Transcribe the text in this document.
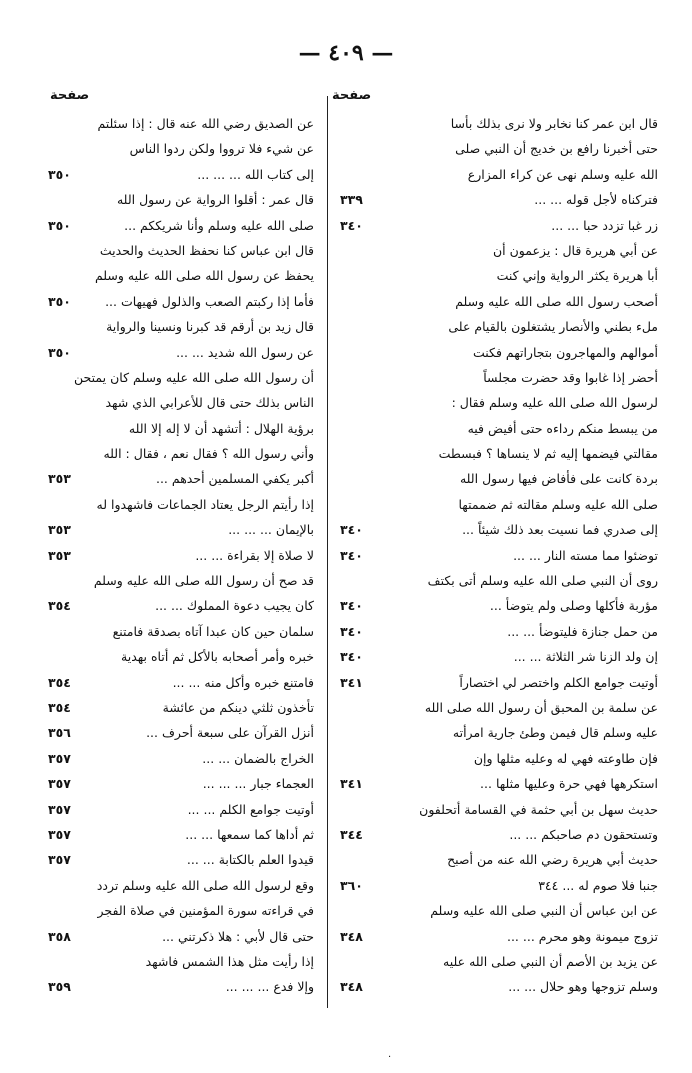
— ٤٠٩ —
صفحة
صفحة
قال ابن عمر كنا نخابر ولا نرى بذلك بأسا
حتى أخبرنا رافع بن خديج أن النبي صلى
الله عليه وسلم نهى عن كراء المزارع
فتركناه لأجل قوله ... ...
٣٣٩
زر غبا تزدد حبا ... ...
٣٤٠
عن أبي هريرة قال : يزعمون أن
أبا هريرة يكثر الرواية وإني كنت
أصحب رسول الله صلى الله عليه وسلم
ملء بطني والأنصار يشتغلون بالقيام على
أموالهم والمهاجرون بتجاراتهم فكنت
أحضر إذا غابوا وقد حضرت مجلساً
لرسول الله صلى الله عليه وسلم فقال :
من يبسط منكم رداءه حتى أفيض فيه
مقالتي فيضمها إليه ثم لا ينساها ؟ فبسطت
بردة كانت على فأفاض فيها رسول الله
صلى الله عليه وسلم مقالته ثم ضممتها
إلى صدري فما نسيت بعد ذلك شيئاً ...
٣٤٠
توضئوا مما مسته النار ... ...
٣٤٠
روى أن النبي صلى الله عليه وسلم أتى بكتف
مؤربة فأكلها وصلى ولم يتوضأ ...
٣٤٠
من حمل جنازة فليتوضأ ... ...
٣٤٠
إن ولد الزنا شر الثلاثة ... ...
٣٤٠
أوتيت جوامع الكلم واختصر لي اختصاراً
٣٤١
عن سلمة بن المحبق أن رسول الله صلى الله
عليه وسلم قال فيمن وطئ جارية امرأته
فإن طاوعته فهي له وعليه مثلها وإن
استكرهها فهي حرة وعليها مثلها ...
٣٤١
حديث سهل بن أبي حثمة في القسامة أتحلفون
وتستحقون دم صاحبكم ... ...
٣٤٤
حديث أبي هريرة رضي الله عنه من أصبح
جنبا فلا صوم له ... ٣٤٤
٣٦٠
عن ابن عباس أن النبي صلى الله عليه وسلم
تزوج ميمونة وهو محرم ... ...
٣٤٨
عن يزيد بن الأصم أن النبي صلى الله عليه
وسلم تزوجها وهو حلال ... ...
٣٤٨
عن الصديق رضي الله عنه قال : إذا سئلتم
عن شيء فلا ترووا ولكن ردوا الناس
إلى كتاب الله ... ... ...
٣٥٠
قال عمر : أقلوا الرواية عن رسول الله
صلى الله عليه وسلم وأنا شريككم ...
٣٥٠
قال ابن عباس كنا نحفظ الحديث والحديث
يحفظ عن رسول الله صلى الله عليه وسلم
فأما إذا ركبتم الصعب والذلول فهيهات ...
٣٥٠
قال زيد بن أرقم قد كبرنا ونسينا والرواية
عن رسول الله شديد ... ...
٣٥٠
أن رسول الله صلى الله عليه وسلم كان يمتحن
الناس بذلك حتى قال للأعرابي الذي شهد
برؤية الهلال : أتشهد أن لا إله إلا الله
وأني رسول الله ؟ فقال نعم ، فقال : الله
أكبر يكفي المسلمين أحدهم ...
٣٥٣
إذا رأيتم الرجل يعتاد الجماعات فاشهدوا له
بالإيمان ... ... ...
٣٥٣
لا صلاة إلا بقراءة ... ...
٣٥٣
قد صح أن رسول الله صلى الله عليه وسلم
كان يجيب دعوة المملوك ... ...
٣٥٤
سلمان حين كان عبدا آتاه بصدقة فامتنع
خبره وأمر أصحابه بالأكل ثم أتاه بهدية
فامتنع خبره وأكل منه ... ...
٣٥٤
تأخذون ثلثي دينكم من عائشة
٣٥٤
أنزل القرآن على سبعة أحرف ...
٣٥٦
الخراج بالضمان ... ...
٣٥٧
العجماء جبار ... ... ...
٣٥٧
أوتيت جوامع الكلم ... ...
٣٥٧
ثم أداها كما سمعها ... ...
٣٥٧
قيدوا العلم بالكتابة ... ...
٣٥٧
وقع لرسول الله صلى الله عليه وسلم تردد
في قراءته سورة المؤمنين في صلاة الفجر
حتى قال لأبي : هلا ذكرتني ...
٣٥٨
إذا رأيت مثل هذا الشمس فاشهد
وإلا فدع ... ... ...
٣٥٩
·
